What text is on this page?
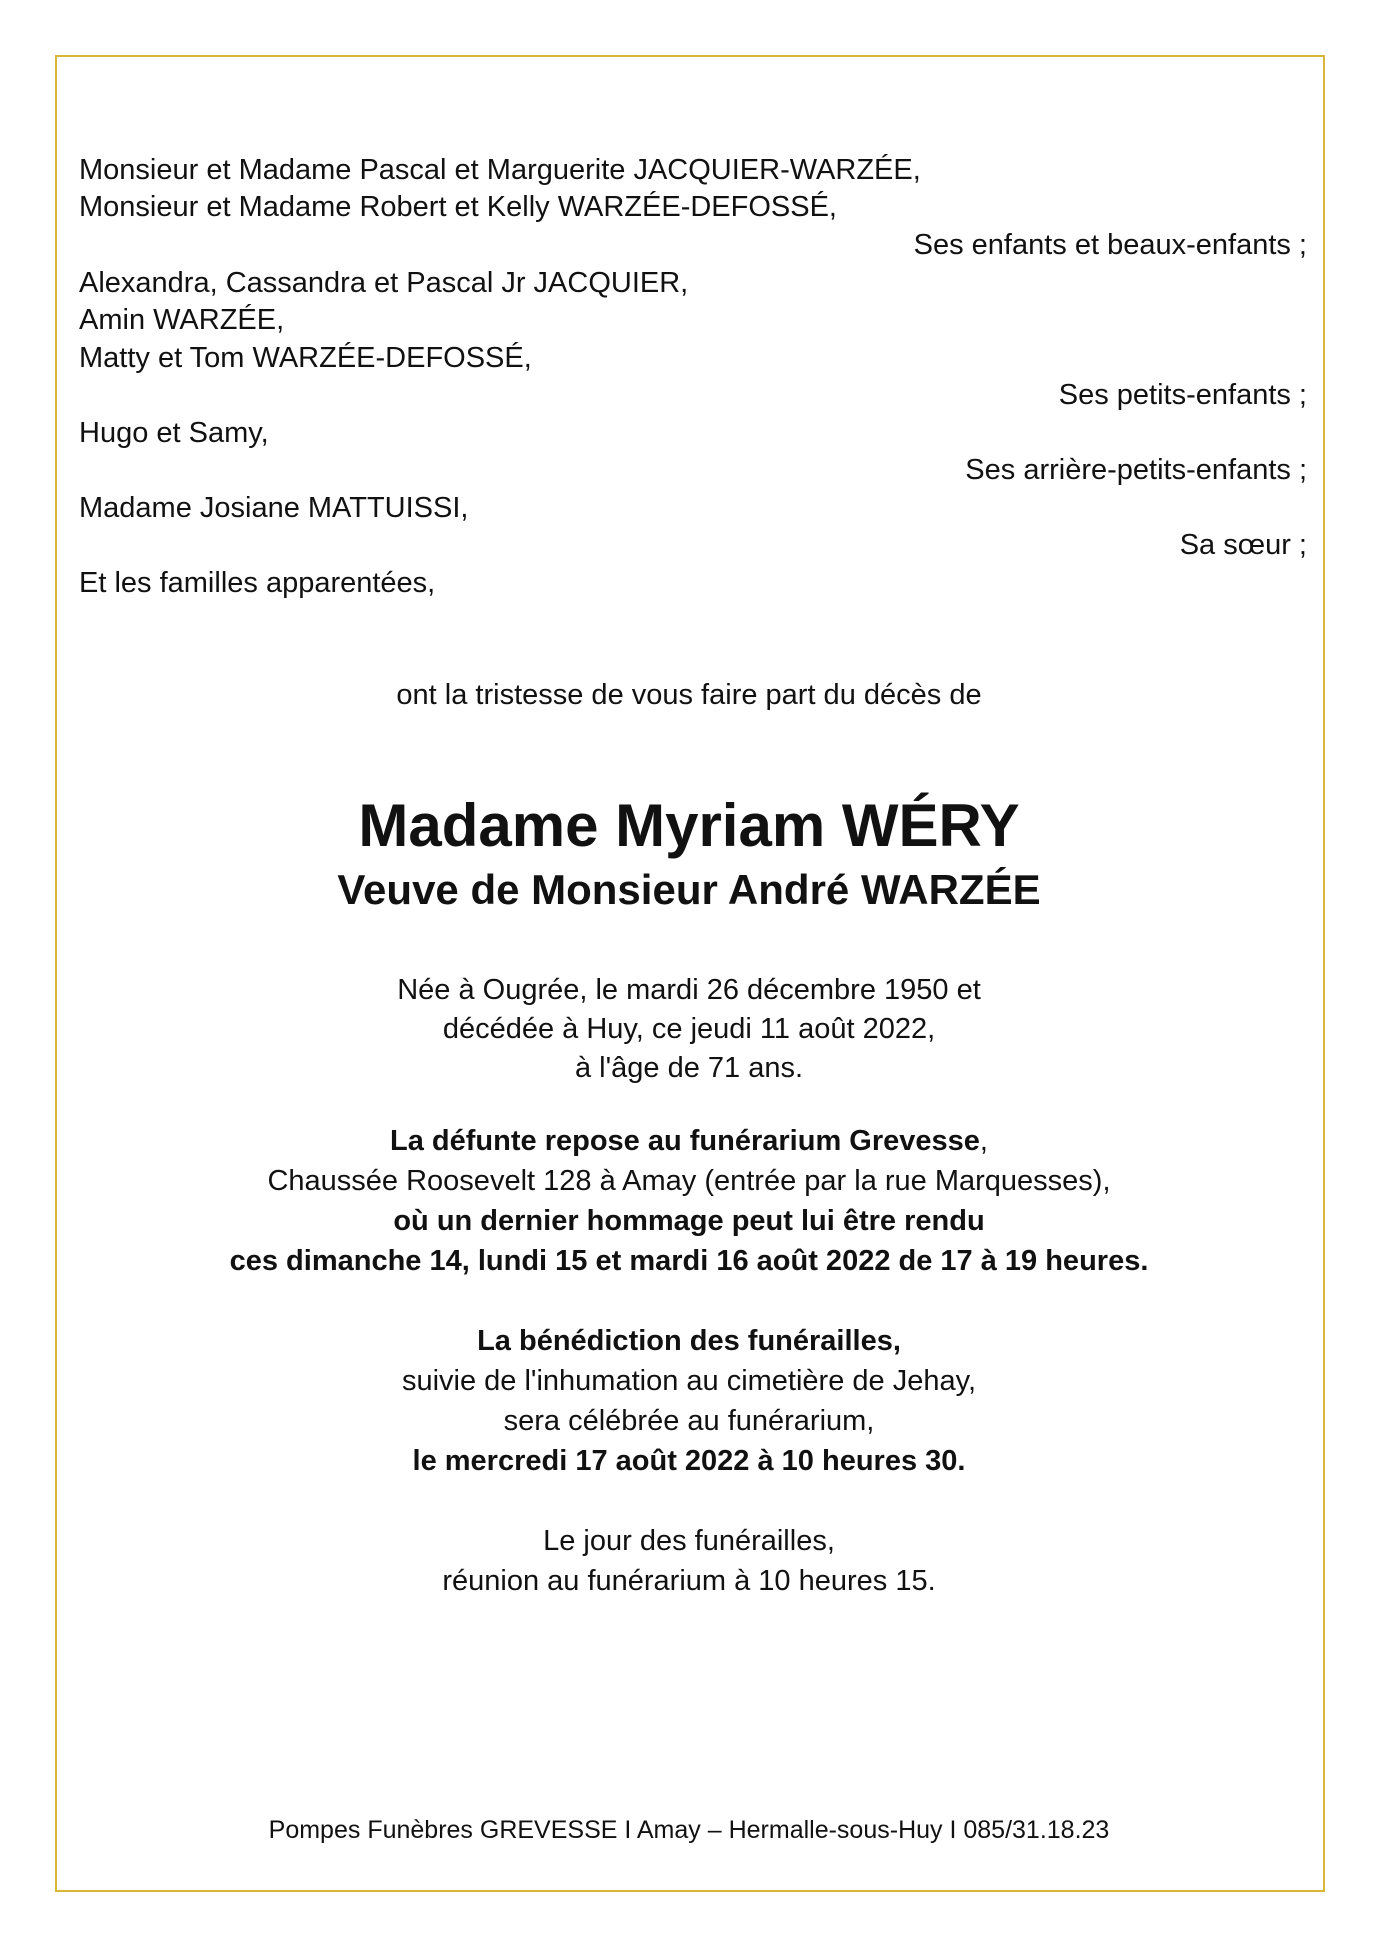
Monsieur et Madame Pascal et Marguerite JACQUIER-WARZÉE,
Monsieur et Madame Robert et Kelly WARZÉE-DEFOSSÉ,
Ses enfants et beaux-enfants ;
Alexandra, Cassandra et Pascal Jr JACQUIER,
Amin WARZÉE,
Matty et Tom WARZÉE-DEFOSSÉ,
Ses petits-enfants ;
Hugo et Samy,
Ses arrière-petits-enfants ;
Madame Josiane MATTUISSI,
Sa sœur ;
Et les familles apparentées,
ont la tristesse de vous faire part du décès de
Madame Myriam WÉRY
Veuve de Monsieur André WARZÉE
Née à Ougrée, le mardi 26 décembre 1950 et
décédée à Huy, ce jeudi 11 août 2022,
à l'âge de 71 ans.
La défunte repose au funérarium Grevesse,
Chaussée Roosevelt 128 à Amay (entrée par la rue Marquesses),
où un dernier hommage peut lui être rendu
ces dimanche 14, lundi 15 et mardi 16 août 2022 de 17 à 19 heures.
La bénédiction des funérailles,
suivie de l'inhumation au cimetière de Jehay,
sera célébrée au funérarium,
le mercredi 17 août 2022 à 10 heures 30.
Le jour des funérailles,
réunion au funérarium à 10 heures 15.
Pompes Funèbres GREVESSE I Amay – Hermalle-sous-Huy I 085/31.18.23
